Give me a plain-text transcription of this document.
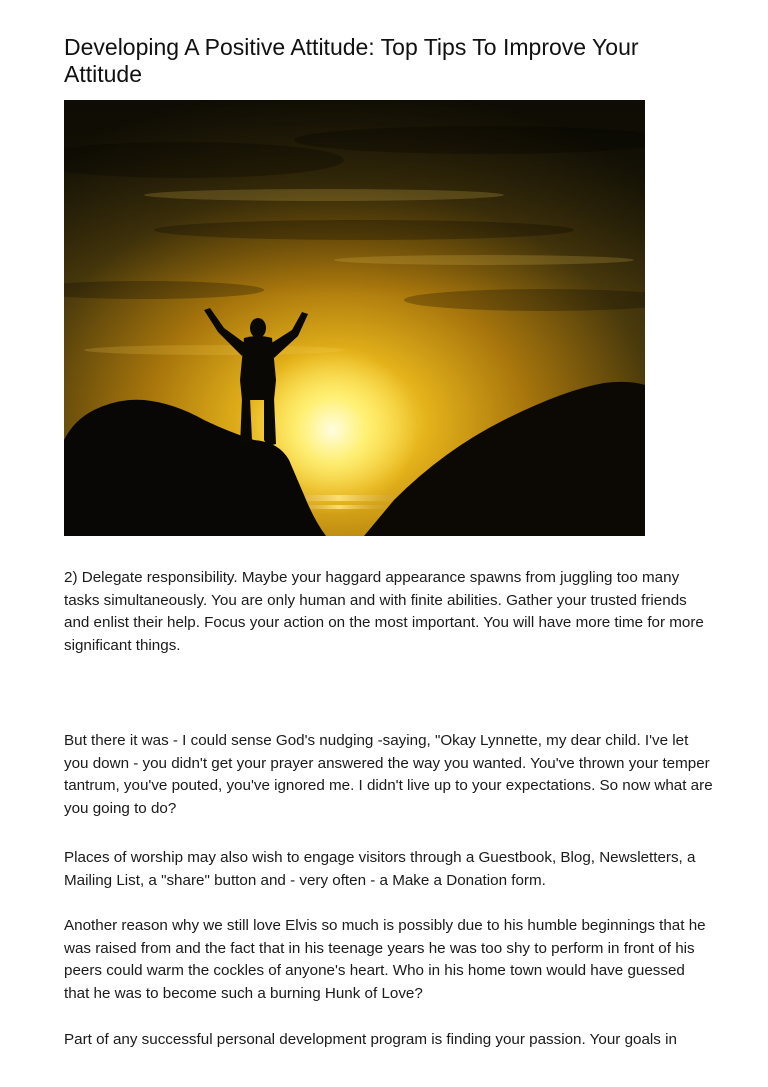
Developing A Positive Attitude: Top Tips To Improve Your Attitude

2) Delegate responsibility. Maybe your haggard appearance spawns from juggling too many tasks simultaneously. You are only human and with finite abilities. Gather your trusted friends and enlist their help. Focus your action on the most important. You will have more time for more significant things.

But there it was - I could sense God's nudging -saying, "Okay Lynnette, my dear child. I've let you down - you didn't get your prayer answered the way you wanted. You've thrown your temper tantrum, you've pouted, you've ignored me. I didn't live up to your expectations. So now what are you going to do?

Places of worship may also wish to engage visitors through a Guestbook, Blog, Newsletters, a Mailing List, a "share" button and - very often - a Make a Donation form.

Another reason why we still love Elvis so much is possibly due to his humble beginnings that he was raised from and the fact that in his teenage years he was too shy to perform in front of his peers could warm the cockles of anyone's heart. Who in his home town would have guessed that he was to become such a burning Hunk of Love?

Part of any successful personal development program is finding your passion. Your goals in
